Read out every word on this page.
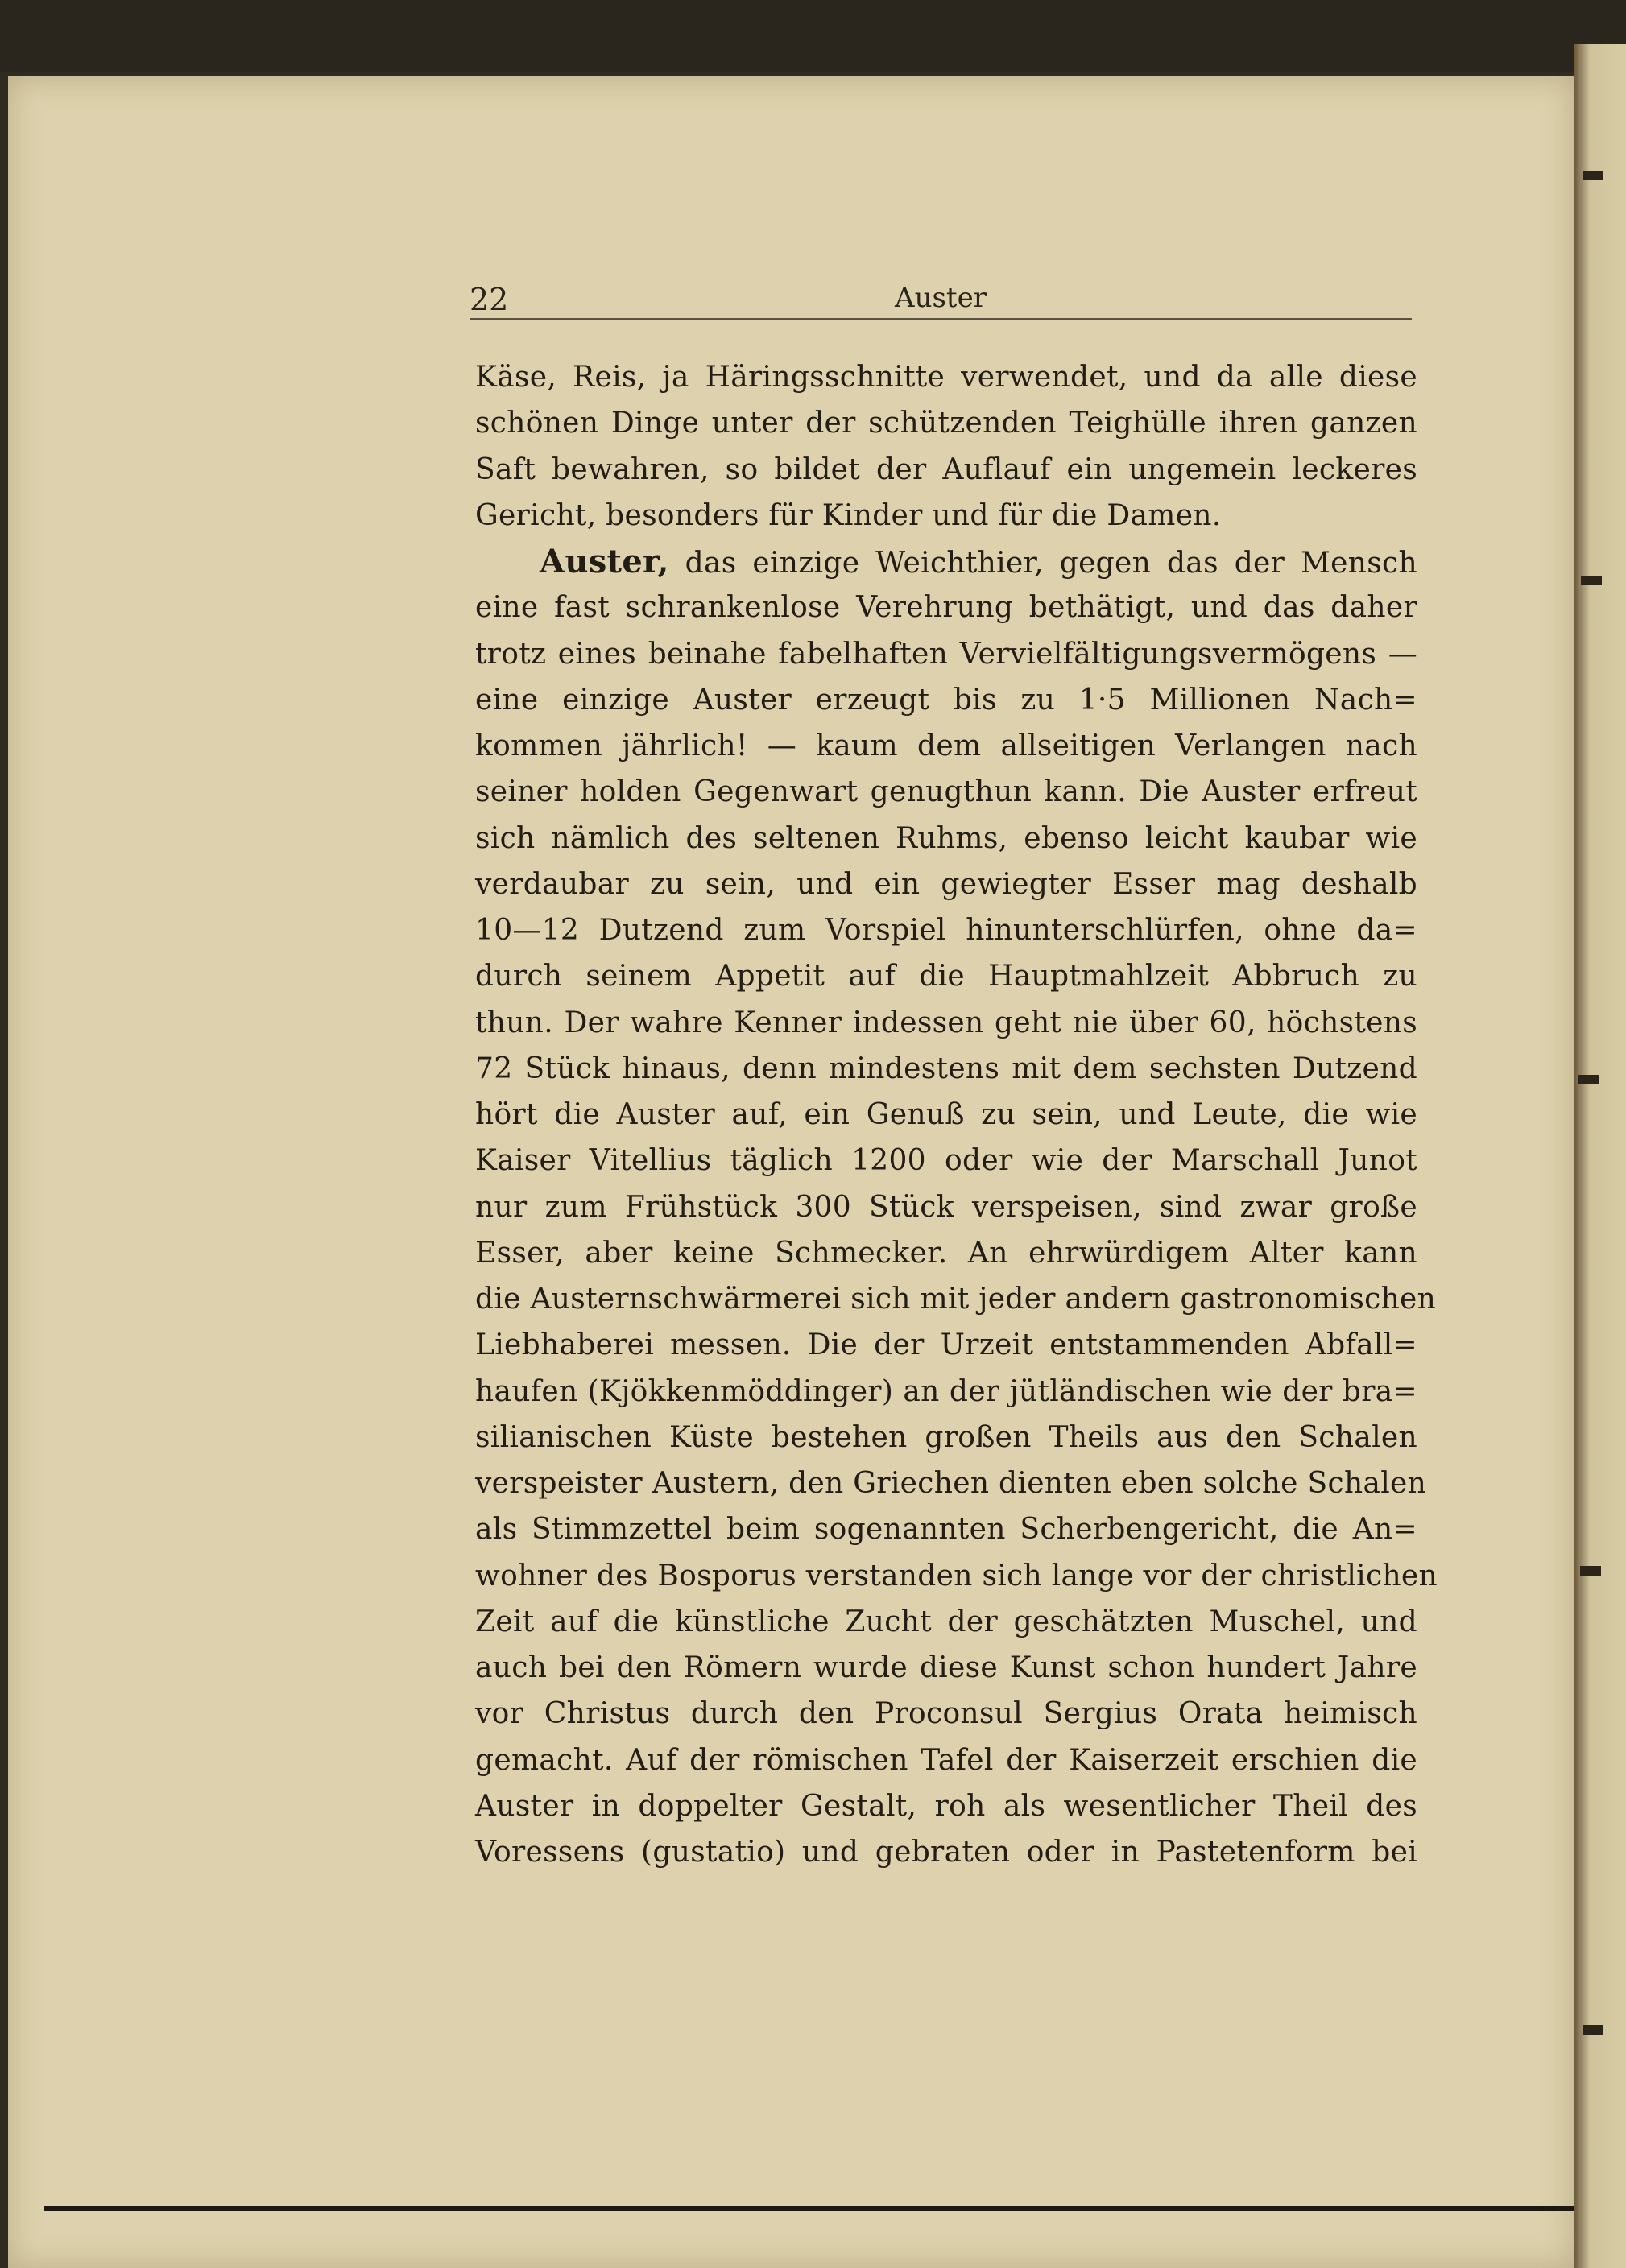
22	Auster
Käse, Reis, ja Häringsschnitte verwendet, und da alle diese
schönen Dinge unter der schützenden Teighülle ihren ganzen
Saft bewahren, so bildet der Auflauf ein ungemein leckeres
Gericht, besonders für Kinder und für die Damen.
Auster, das einzige Weichthier, gegen das der Mensch
eine fast schrankenlose Verehrung bethätigt, und das daher
trotz eines beinahe fabelhaften Vervielfältigungsvermögens —
eine einzige Auster erzeugt bis zu 1·5 Millionen Nach=
kommen jährlich! — kaum dem allseitigen Verlangen nach
seiner holden Gegenwart genugthun kann. Die Auster erfreut
sich nämlich des seltenen Ruhms, ebenso leicht kaubar wie
verdaubar zu sein, und ein gewiegter Esser mag deshalb
10—12 Dutzend zum Vorspiel hinunterschlürfen, ohne da=
durch seinem Appetit auf die Hauptmahlzeit Abbruch zu
thun. Der wahre Kenner indessen geht nie über 60, höchstens
72 Stück hinaus, denn mindestens mit dem sechsten Dutzend
hört die Auster auf, ein Genuß zu sein, und Leute, die wie
Kaiser Vitellius täglich 1200 oder wie der Marschall Junot
nur zum Frühstück 300 Stück verspeisen, sind zwar große
Esser, aber keine Schmecker. An ehrwürdigem Alter kann
die Austernschwärmerei sich mit jeder andern gastronomischen
Liebhaberei messen. Die der Urzeit entstammenden Abfall=
haufen (Kjökkenmöddinger) an der jütländischen wie der bra=
silianischen Küste bestehen großen Theils aus den Schalen
verspeister Austern, den Griechen dienten eben solche Schalen
als Stimmzettel beim sogenannten Scherbengericht, die An=
wohner des Bosporus verstanden sich lange vor der christlichen
Zeit auf die künstliche Zucht der geschätzten Muschel, und
auch bei den Römern wurde diese Kunst schon hundert Jahre
vor Christus durch den Proconsul Sergius Orata heimisch
gemacht. Auf der römischen Tafel der Kaiserzeit erschien die
Auster in doppelter Gestalt, roh als wesentlicher Theil des
Voressens (gustatio) und gebraten oder in Pastetenform bei
